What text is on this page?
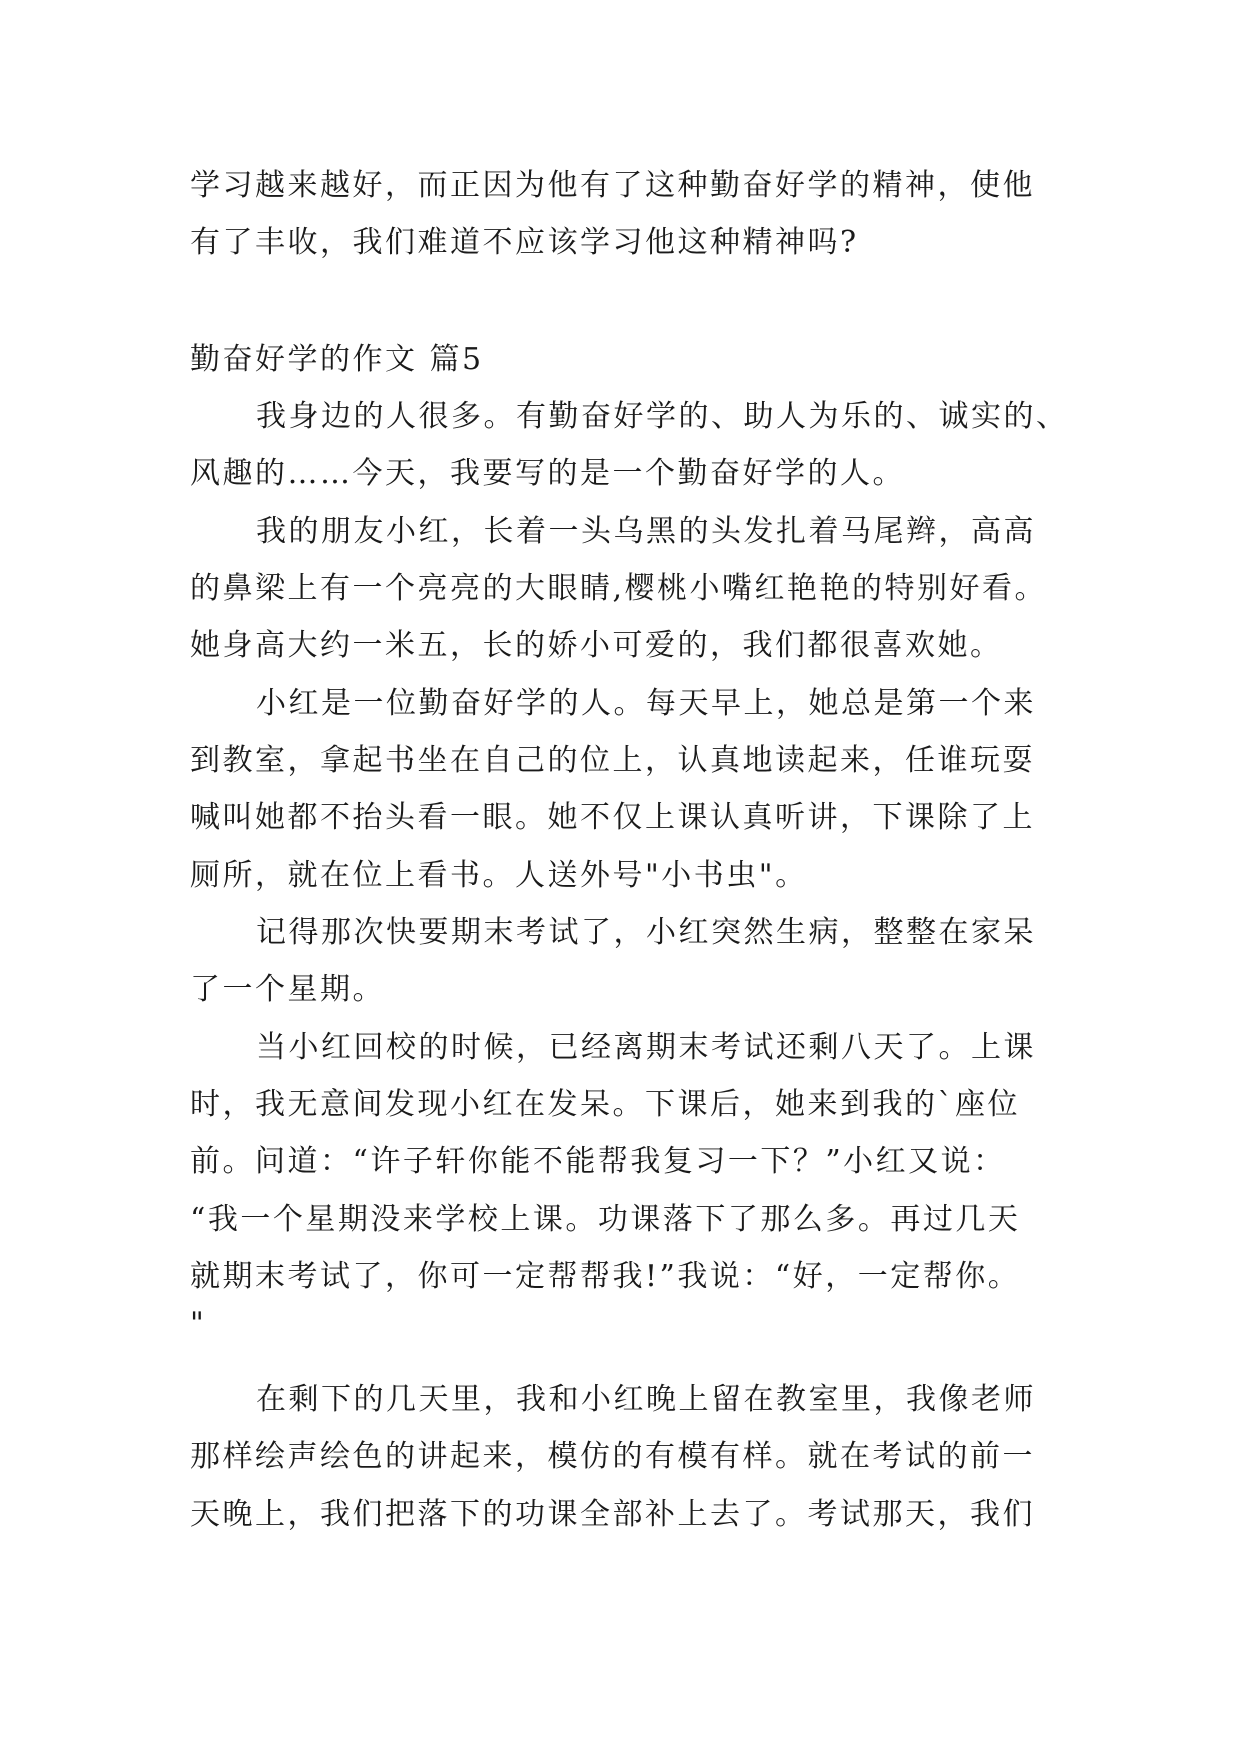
学习越来越好，而正因为他有了这种勤奋好学的精神，使他
有了丰收，我们难道不应该学习他这种精神吗?
勤奋好学的作文 篇5
我身边的人很多。有勤奋好学的、助人为乐的、诚实的、
风趣的……今天，我要写的是一个勤奋好学的人。
我的朋友小红，长着一头乌黑的头发扎着马尾辫，高高
的鼻梁上有一个亮亮的大眼睛,樱桃小嘴红艳艳的特别好看。
她身高大约一米五，长的娇小可爱的，我们都很喜欢她。
小红是一位勤奋好学的人。每天早上，她总是第一个来
到教室，拿起书坐在自己的位上，认真地读起来，任谁玩耍
喊叫她都不抬头看一眼。她不仅上课认真听讲，下课除了上
厕所，就在位上看书。人送外号"小书虫"。
记得那次快要期末考试了，小红突然生病，整整在家呆
了一个星期。
当小红回校的时候，已经离期末考试还剩八天了。上课
时，我无意间发现小红在发呆。下课后，她来到我的`座位
前。问道：“许子轩你能不能帮我复习一下？”小红又说：
“我一个星期没来学校上课。功课落下了那么多。再过几天
就期末考试了，你可一定帮帮我!”我说：“好，一定帮你。
"
在剩下的几天里，我和小红晚上留在教室里，我像老师
那样绘声绘色的讲起来，模仿的有模有样。就在考试的前一
天晚上，我们把落下的功课全部补上去了。考试那天，我们
